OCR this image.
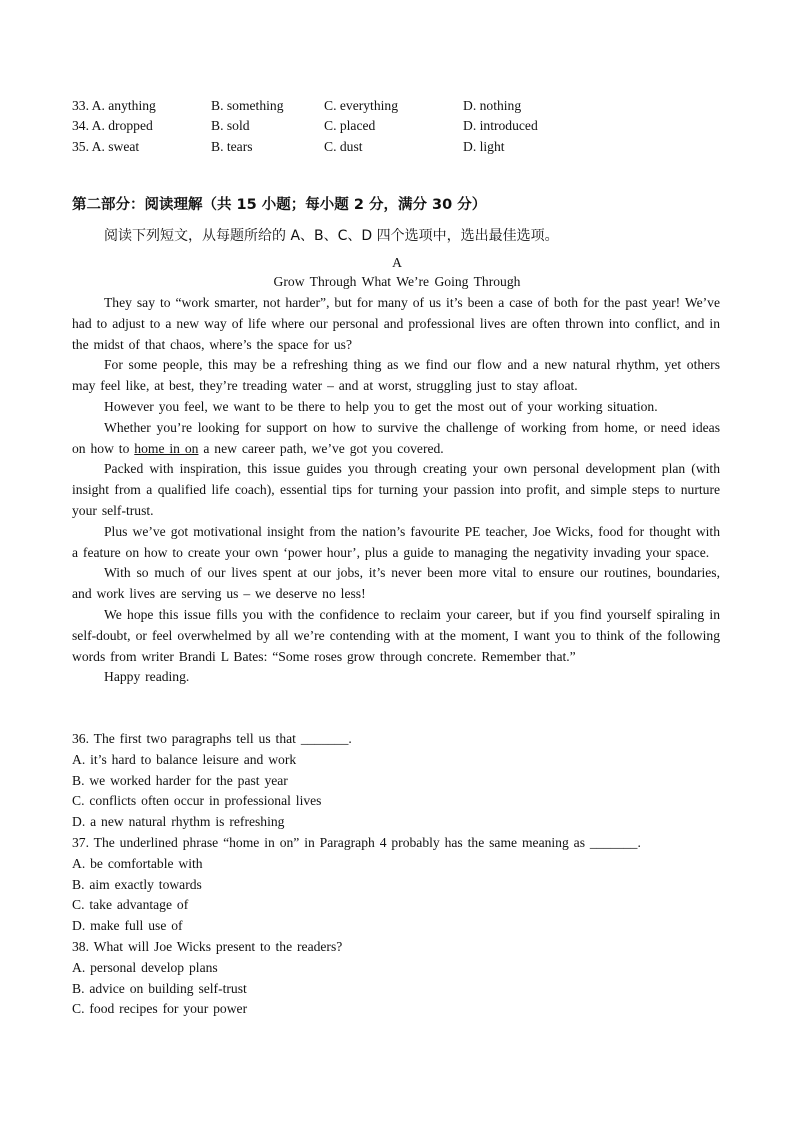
33. A. anything	B. something	C. everything	D. nothing
34. A. dropped	B. sold	C. placed	D. introduced
35. A. sweat	B. tears	C. dust	D. light
第二部分：阅读理解（共 15 小题；每小题 2 分，满分 30 分）
阅读下列短文，从每题所给的 A、B、C、D 四个选项中，选出最佳选项。
A
Grow Through What We’re Going Through

They say to “work smarter, not harder”, but for many of us it’s been a case of both for the past year! We’ve had to adjust to a new way of life where our personal and professional lives are often thrown into conflict, and in the midst of that chaos, where’s the space for us?

For some people, this may be a refreshing thing as we find our flow and a new natural rhythm, yet others may feel like, at best, they’re treading water – and at worst, struggling just to stay afloat.

However you feel, we want to be there to help you to get the most out of your working situation.

Whether you’re looking for support on how to survive the challenge of working from home, or need ideas on how to home in on a new career path, we’ve got you covered.

Packed with inspiration, this issue guides you through creating your own personal development plan (with insight from a qualified life coach), essential tips for turning your passion into profit, and simple steps to nurture your self-trust.

Plus we’ve got motivational insight from the nation’s favourite PE teacher, Joe Wicks, food for thought with a feature on how to create your own ‘power hour’, plus a guide to managing the negativity invading your space.

With so much of our lives spent at our jobs, it’s never been more vital to ensure our routines, boundaries, and work lives are serving us – we deserve no less!

We hope this issue fills you with the confidence to reclaim your career, but if you find yourself spiraling in self-doubt, or feel overwhelmed by all we’re contending with at the moment, I want you to think of the following words from writer Brandi L Bates: “Some roses grow through concrete. Remember that.”

Happy reading.

36. The first two paragraphs tell us that _______.
A. it’s hard to balance leisure and work
B. we worked harder for the past year
C. conflicts often occur in professional lives
D. a new natural rhythm is refreshing
37. The underlined phrase “home in on” in Paragraph 4 probably has the same meaning as _______.
A. be comfortable with
B. aim exactly towards
C. take advantage of
D. make full use of
38. What will Joe Wicks present to the readers?
A. personal develop plans
B. advice on building self-trust
C. food recipes for your power
